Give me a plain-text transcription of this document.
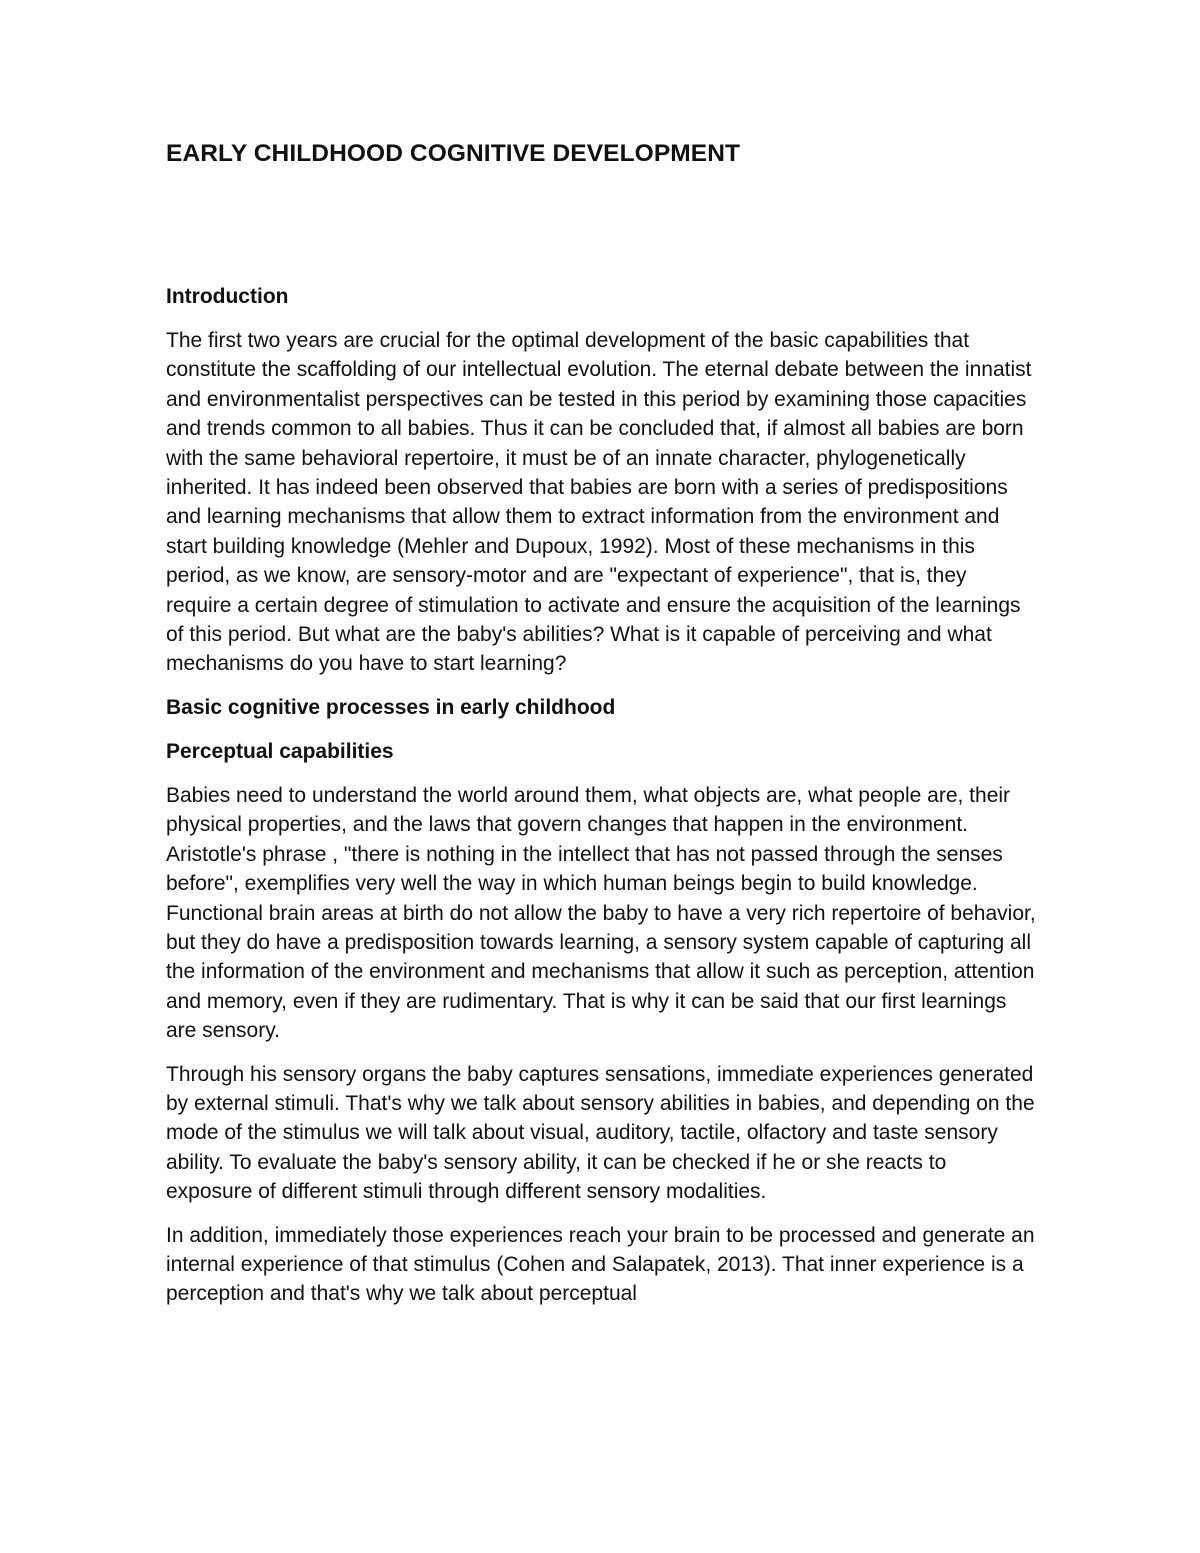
EARLY CHILDHOOD COGNITIVE DEVELOPMENT
Introduction

The first two years are crucial for the optimal development of the basic capabilities that constitute the scaffolding of our intellectual evolution. The eternal debate between the innatist and environmentalist perspectives can be tested in this period by examining those capacities and trends common to all babies. Thus it can be concluded that, if almost all babies are born with the same behavioral repertoire, it must be of an innate character, phylogenetically inherited. It has indeed been observed that babies are born with a series of predispositions and learning mechanisms that allow them to extract information from the environment and start building knowledge (Mehler and Dupoux, 1992). Most of these mechanisms in this period, as we know, are sensory-motor and are "expectant of experience", that is, they require a certain degree of stimulation to activate and ensure the acquisition of the learnings of this period. But what are the baby's abilities? What is it capable of perceiving and what mechanisms do you have to start learning?

Basic cognitive processes in early childhood
Perceptual capabilities

Babies need to understand the world around them, what objects are, what people are, their physical properties, and the laws that govern changes that happen in the environment. Aristotle's phrase , "there is nothing in the intellect that has not passed through the senses before", exemplifies very well the way in which human beings begin to build knowledge. Functional brain areas at birth do not allow the baby to have a very rich repertoire of behavior, but they do have a predisposition towards learning, a sensory system capable of capturing all the information of the environment and mechanisms that allow it such as perception, attention and memory, even if they are rudimentary. That is why it can be said that our first learnings are sensory.

Through his sensory organs the baby captures sensations, immediate experiences generated by external stimuli. That's why we talk about sensory abilities in babies, and depending on the mode of the stimulus we will talk about visual, auditory, tactile, olfactory and taste sensory ability. To evaluate the baby's sensory ability, it can be checked if he or she reacts to exposure of different stimuli through different sensory modalities.

In addition, immediately those experiences reach your brain to be processed and generate an internal experience of that stimulus (Cohen and Salapatek, 2013). That inner experience is a perception and that's why we talk about perceptual
